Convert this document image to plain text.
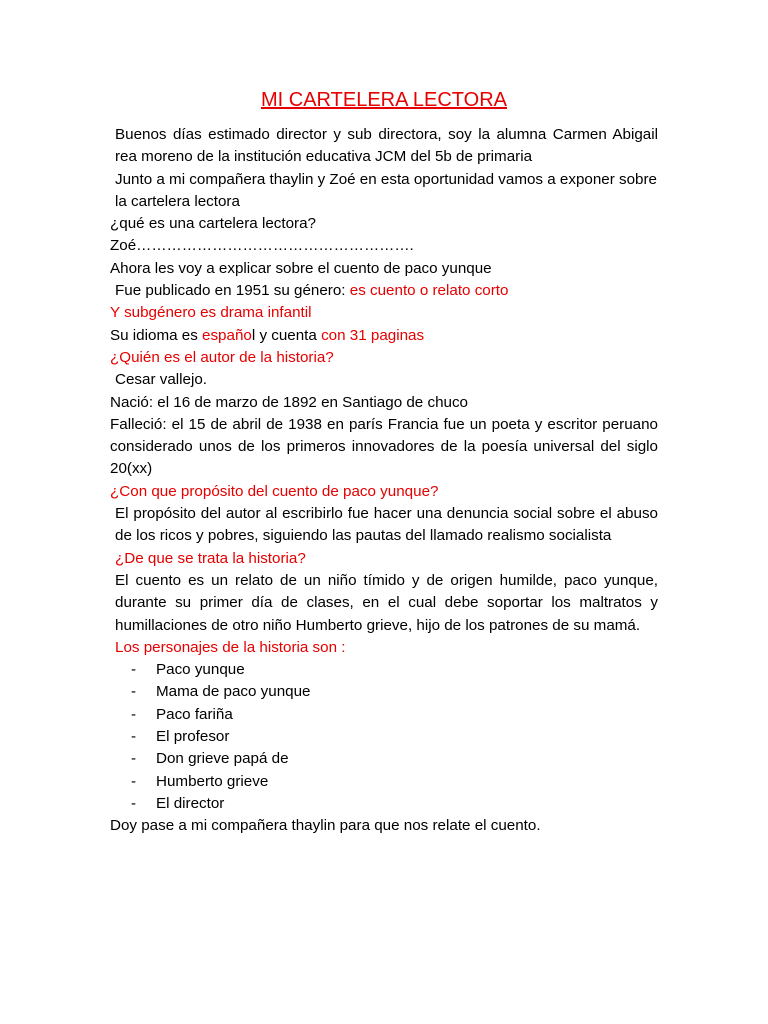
MI CARTELERA LECTORA

Buenos días estimado director y sub directora, soy la alumna Carmen Abigail rea moreno de la institución educativa JCM del 5b de primaria

Junto a mi compañera thaylin y Zoé en esta oportunidad vamos a exponer sobre la cartelera lectora

¿qué es una cartelera lectora?

Zoé……………………………………………….

Ahora les voy a explicar sobre el cuento de paco yunque

Fue publicado en 1951 su género: es cuento o relato corto

Y subgénero es drama infantil

Su idioma es español y cuenta con 31 paginas

¿Quién es el autor de la historia?

Cesar vallejo.

Nació: el 16 de marzo de 1892 en Santiago de chuco

Falleció: el 15 de abril de 1938 en parís Francia fue un poeta y escritor peruano considerado unos de los primeros innovadores de la poesía universal del siglo 20(xx)

¿Con que propósito del cuento de paco yunque?

El propósito del autor al escribirlo fue hacer una denuncia social sobre el abuso de los ricos y pobres, siguiendo las pautas del llamado realismo socialista

¿De que se trata la historia?

El cuento es un relato de un niño tímido y de origen humilde, paco yunque, durante su primer día de clases, en el cual debe soportar los maltratos y humillaciones de otro niño Humberto grieve, hijo de los patrones de su mamá.

Los personajes de la historia son :

- Paco yunque
- Mama de paco yunque
- Paco fariña
- El profesor
- Don grieve papá de
- Humberto grieve
- El director

Doy pase a mi compañera thaylin para que nos relate el cuento.
